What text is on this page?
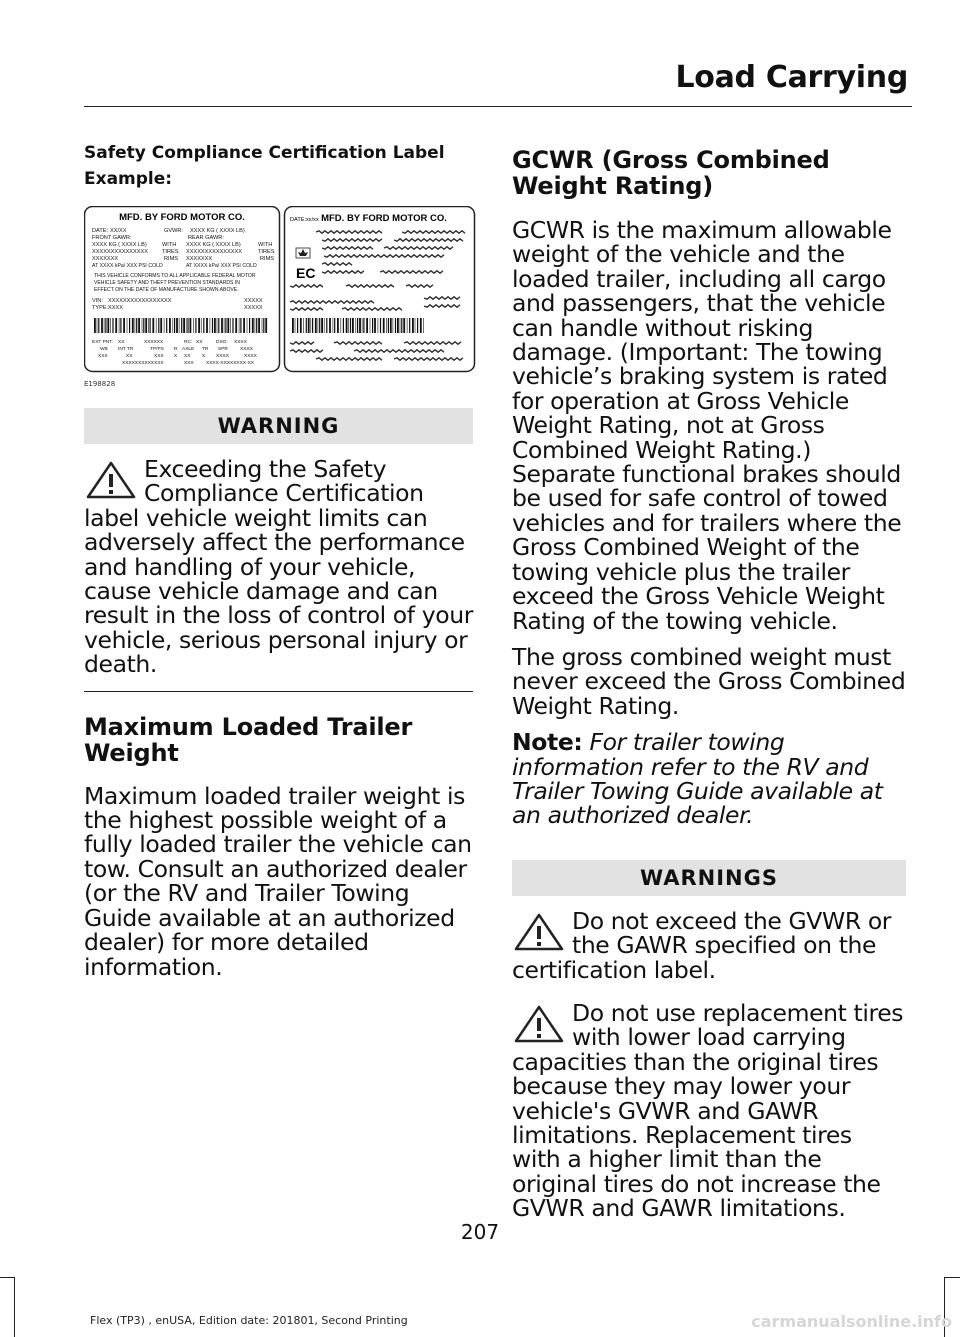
Load Carrying

Safety Compliance Certification Label

Example:

MFD. BY FORD MOTOR CO.
DATE: XX/XX	GVWR: XXXX KG ( XXXX LB)
FRONT GAWR:	REAR GAWR:
XXXX KG ( XXXX LB)	WITH XXXX KG ( XXXX LB)	WITH
XXXXXXXXXXXXXXX	TIRES XXXXXXXXXXXXXXX	TIRES
XXXXXXX	RIMS XXXXXXX	RIMS
AT XXXX kPa/ XXX PSI COLD	AT XXXX kPa/ XXX PSI COLD
THIS VEHICLE CONFORMS TO ALL APPLICABLE FEDERAL MOTOR
VEHICLE SAFETY AND THEFT PREVENTION STANDARDS IN
EFFECT ON THE DATE OF MANUFACTURE SHOWN ABOVE.
VIN: XXXXXXXXXXXXXXXXX
TYPE: XXXX
XXXXX
XXXXX
EXT PNT: XX	XXXXXX	RC: XX	DSO: XXXX
WB INT TR	TP/PS R AXLE TR SPR	XXXX
XXX	XX	XXX X XX X XXXX	XXXX
XXXXXXXXXXXXX	XXX	XXXX-XXXXXXXX-XX
MFD. BY FORD MOTOR CO.
DATE: xx/xx
EC
E198828

WARNING

Exceeding the Safety Compliance Certification label vehicle weight limits can adversely affect the performance and handling of your vehicle, cause vehicle damage and can result in the loss of control of your vehicle, serious personal injury or death.

Maximum Loaded Trailer Weight

Maximum loaded trailer weight is the highest possible weight of a fully loaded trailer the vehicle can tow. Consult an authorized dealer (or the RV and Trailer Towing Guide available at an authorized dealer) for more detailed information.

GCWR (Gross Combined Weight Rating)

GCWR is the maximum allowable weight of the vehicle and the loaded trailer, including all cargo and passengers, that the vehicle can handle without risking damage. (Important: The towing vehicle’s braking system is rated for operation at Gross Vehicle Weight Rating, not at Gross Combined Weight Rating.) Separate functional brakes should be used for safe control of towed vehicles and for trailers where the Gross Combined Weight of the towing vehicle plus the trailer exceed the Gross Vehicle Weight Rating of the towing vehicle.

The gross combined weight must never exceed the Gross Combined Weight Rating.

Note: For trailer towing information refer to the RV and Trailer Towing Guide available at an authorized dealer.

WARNINGS

Do not exceed the GVWR or the GAWR specified on the certification label.

Do not use replacement tires with lower load carrying capacities than the original tires because they may lower your vehicle's GVWR and GAWR limitations. Replacement tires with a higher limit than the original tires do not increase the GVWR and GAWR limitations.

207
Flex (TP3) , enUSA, Edition date: 201801, Second Printing	carmanualsonline.info
